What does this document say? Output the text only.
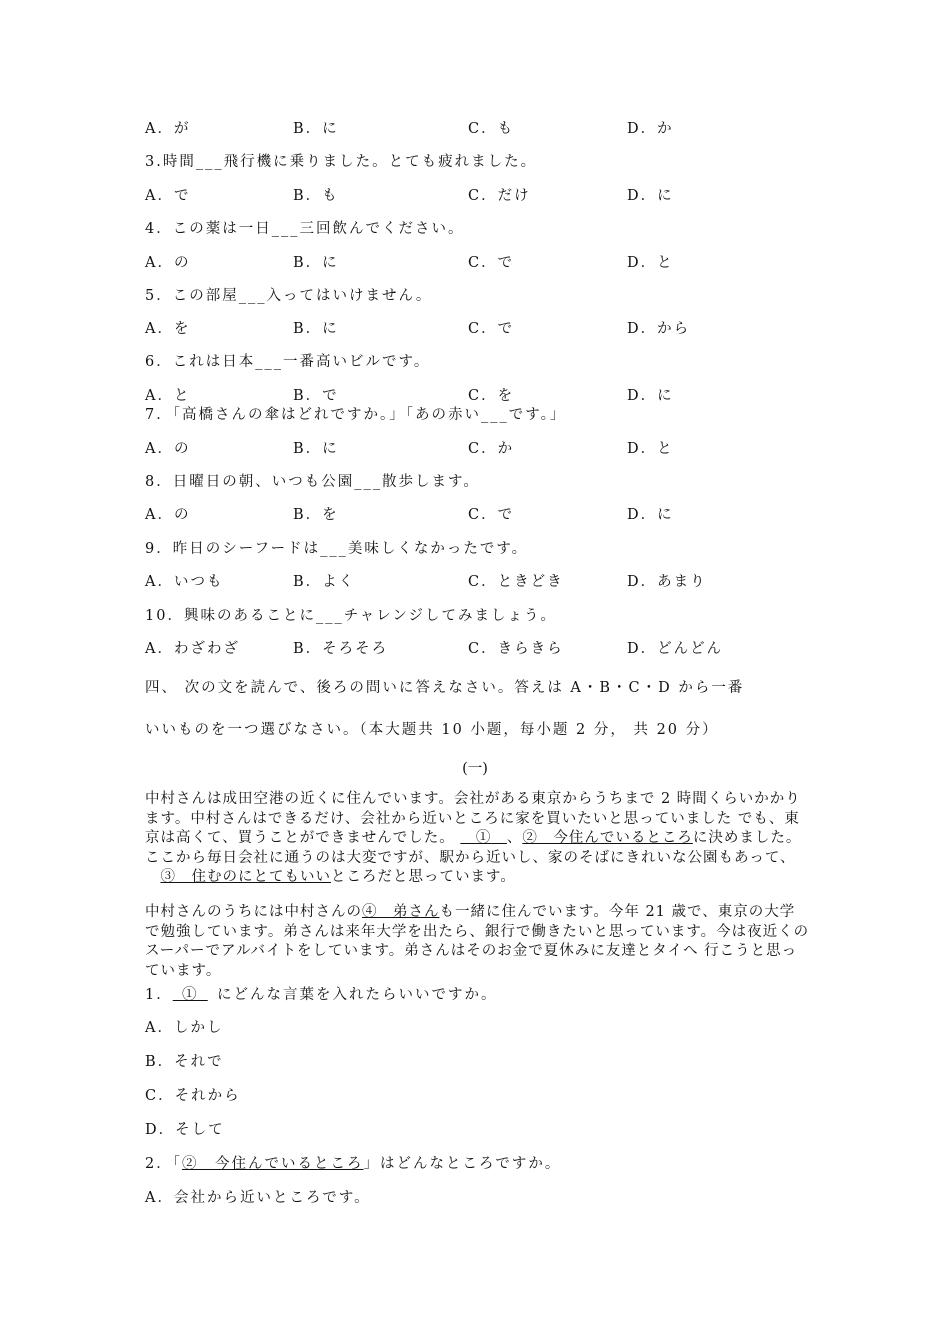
A．が	B．に	C．も	D．か
3.時間___飛行機に乗りました。とても疲れました。
A．で	B．も	C．だけ	D．に
4．この薬は一日___三回飲んでください。
A．の	B．に	C．で	D．と
5．この部屋___入ってはいけません。
A．を	B．に	C．で	D．から
6．これは日本___一番高いビルです。
A．と	B．で	C．を	D．に
7．「高橋さんの傘はどれですか。」「あの赤い___です。」
A．の	B．に	C．か	D．と
8．日曜日の朝、いつも公園___散歩します。
A．の	B．を	C．で	D．に
9．昨日のシーフードは___美味しくなかったです。
A．いつも	B．よく	C．ときどき	D．あまり
10．興味のあることに___チャレンジしてみましょう。
A．わざわざ	B．そろそろ	C．きらきら	D．どんどん
四、 次の文を読んで、後ろの問いに答えなさい。答えは A・B・C・D から一番
いいものを一つ選びなさい。（本大题共 10 小题，每小题 2 分， 共 20 分）
(一)

中村さんは成田空港の近くに住んでいます。会社がある東京からうちまで 2 時間くらいかかります。中村さんはできるだけ、会社から近いところに家を買いたいと思っていました でも、東京は高くて、買うことができませんでした。   ①  、②　今住んでいるところに決めました。ここから毎日会社に通うのは大変ですが、駅から近いし、家のそばにきれいな公園もあって、  ③　住むのにとてもいいところだと思っています。

中村さんのうちには中村さんの④　弟さんも一緒に住んでいます。今年 21 歳で、東京の大学で勉強しています。弟さんは来年大学を出たら、銀行で働きたいと思っています。今は夜近くのスーパーでアルバイトをしています。弟さんはそのお金で夏休みに友達とタイへ 行こうと思っています。

1．  ①   にどんな言葉を入れたらいいですか。
A．しかし
B．それで
C．それから
D．そして
2．「②　今住んでいるところ」はどんなところですか。
A．会社から近いところです。
